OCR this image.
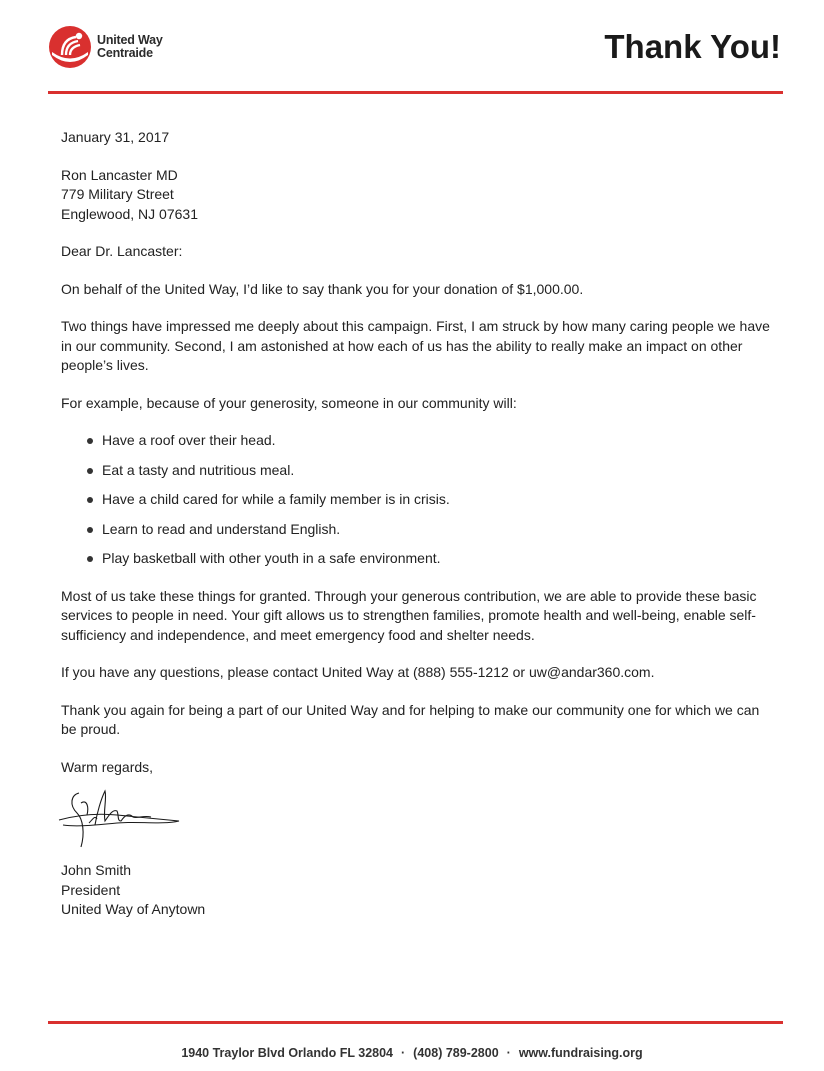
United Way
Centraide	Thank You!

January 31, 2017

Ron Lancaster MD

779 Military Street

Englewood, NJ 07631

Dear Dr. Lancaster:

On behalf of the United Way, I’d like to say thank you for your donation of $1,000.00.

Two things have impressed me deeply about this campaign. First, I am struck by how many caring people we have in our community. Second, I am astonished at how each of us has the ability to really make an impact on other people’s lives.

For example, because of your generosity, someone in our community will:

Have a roof over their head.
Eat a tasty and nutritious meal.
Have a child cared for while a family member is in crisis.
Learn to read and understand English.
Play basketball with other youth in a safe environment.

Most of us take these things for granted. Through your generous contribution, we are able to provide these basic services to people in need. Your gift allows us to strengthen families, promote health and well-being, enable self-sufficiency and independence, and meet emergency food and shelter needs.

If you have any questions, please contact United Way at (888) 555-1212 or uw@andar360.com.

Thank you again for being a part of our United Way and for helping to make our community one for which we can be proud.

Warm regards,

John Smith

President

United Way of Anytown

1940 Traylor Blvd Orlando FL 32804 · (408) 789-2800 · www.fundraising.org
